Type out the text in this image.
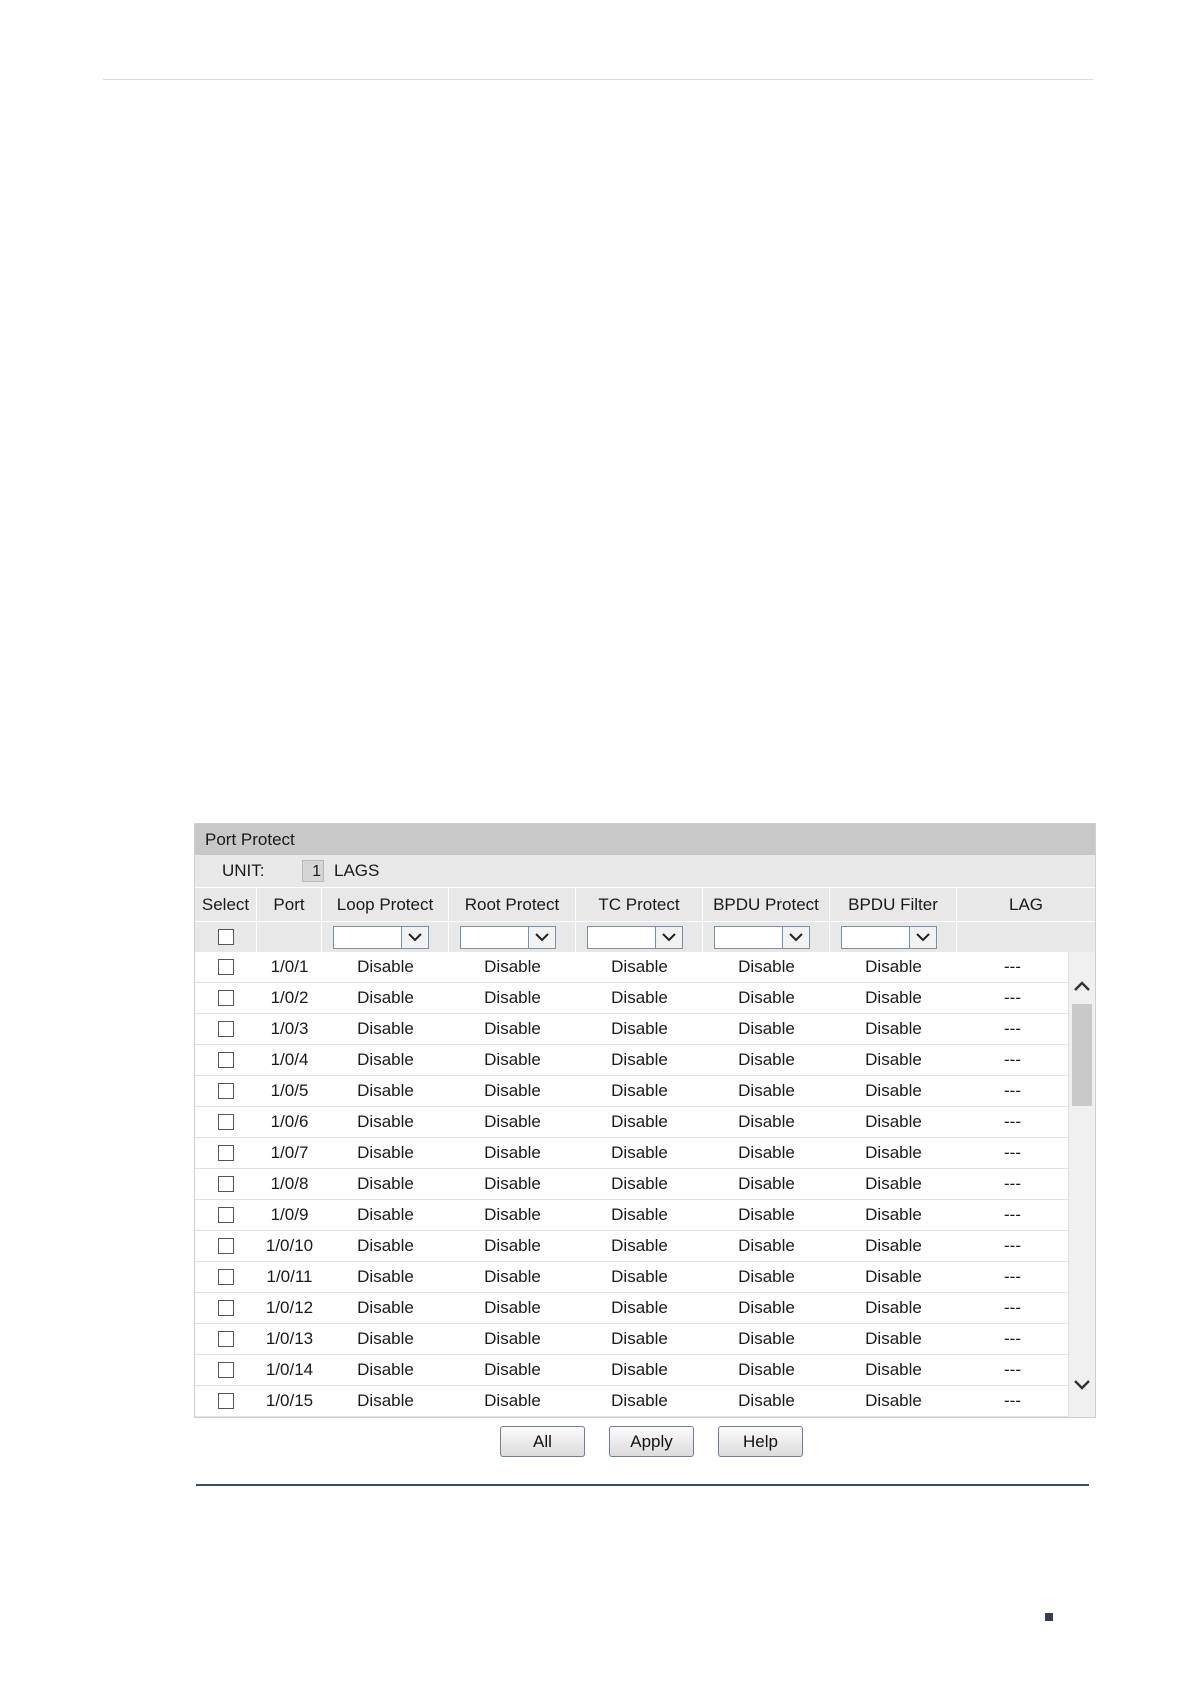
Port Protect
UNIT:	1 LAGS
Select	Port	Loop Protect	Root Protect	TC Protect	BPDU Protect	BPDU Filter	LAG
1/0/1	Disable	Disable	Disable	Disable	Disable	---
1/0/2	Disable	Disable	Disable	Disable	Disable	---
1/0/3	Disable	Disable	Disable	Disable	Disable	---
1/0/4	Disable	Disable	Disable	Disable	Disable	---
1/0/5	Disable	Disable	Disable	Disable	Disable	---
1/0/6	Disable	Disable	Disable	Disable	Disable	---
1/0/7	Disable	Disable	Disable	Disable	Disable	---
1/0/8	Disable	Disable	Disable	Disable	Disable	---
1/0/9	Disable	Disable	Disable	Disable	Disable	---
1/0/10	Disable	Disable	Disable	Disable	Disable	---
1/0/11	Disable	Disable	Disable	Disable	Disable	---
1/0/12	Disable	Disable	Disable	Disable	Disable	---
1/0/13	Disable	Disable	Disable	Disable	Disable	---
1/0/14	Disable	Disable	Disable	Disable	Disable	---
1/0/15	Disable	Disable	Disable	Disable	Disable	---
All	Apply	Help
